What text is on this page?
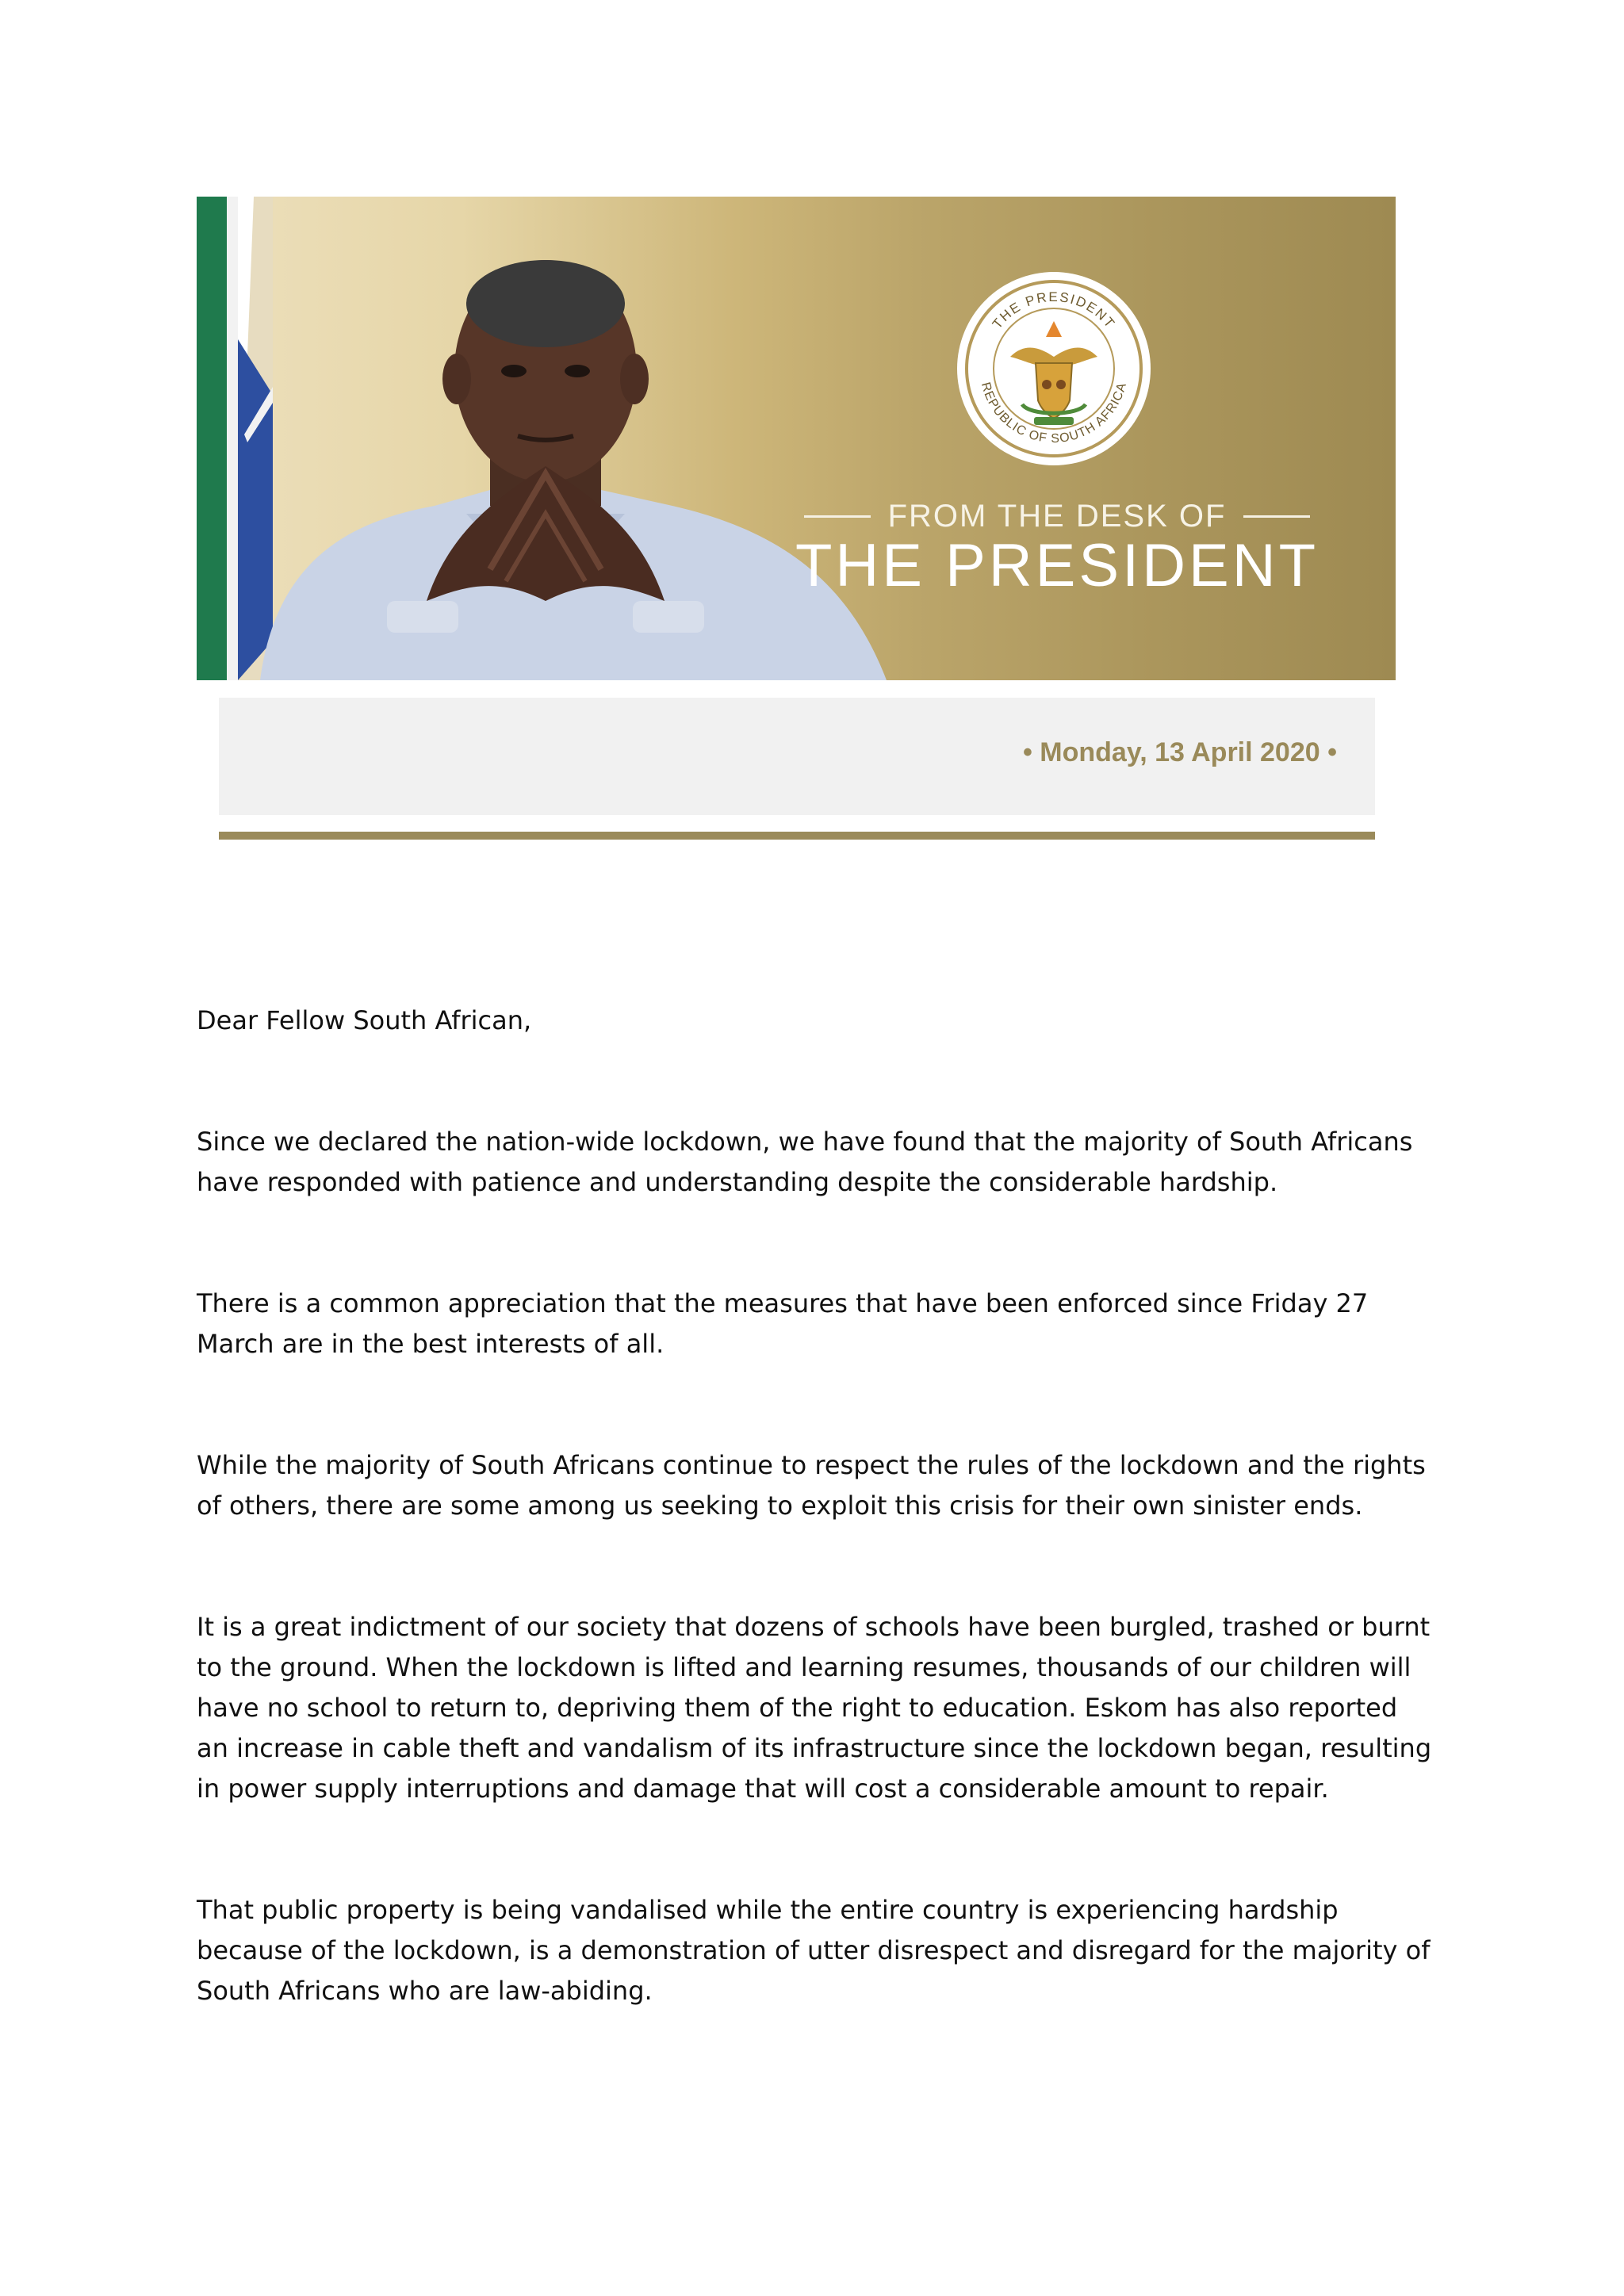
THE PRESIDENT
REPUBLIC OF SOUTH AFRICA
FROM THE DESK OF
THE PRESIDENT
• Monday, 13 April 2020 •

Dear Fellow South African,

Since we declared the nation-wide lockdown, we have found that the majority of South Africans have responded with patience and understanding despite the considerable hardship.

There is a common appreciation that the measures that have been enforced since Friday 27 March are in the best interests of all.

While the majority of South Africans continue to respect the rules of the lockdown and the rights of others, there are some among us seeking to exploit this crisis for their own sinister ends.

It is a great indictment of our society that dozens of schools have been burgled, trashed or burnt to the ground. When the lockdown is lifted and learning resumes, thousands of our children will have no school to return to, depriving them of the right to education. Eskom has also reported an increase in cable theft and vandalism of its infrastructure since the lockdown began, resulting in power supply interruptions and damage that will cost a considerable amount to repair.

That public property is being vandalised while the entire country is experiencing hardship because of the lockdown, is a demonstration of utter disrespect and disregard for the majority of South Africans who are law-abiding.
